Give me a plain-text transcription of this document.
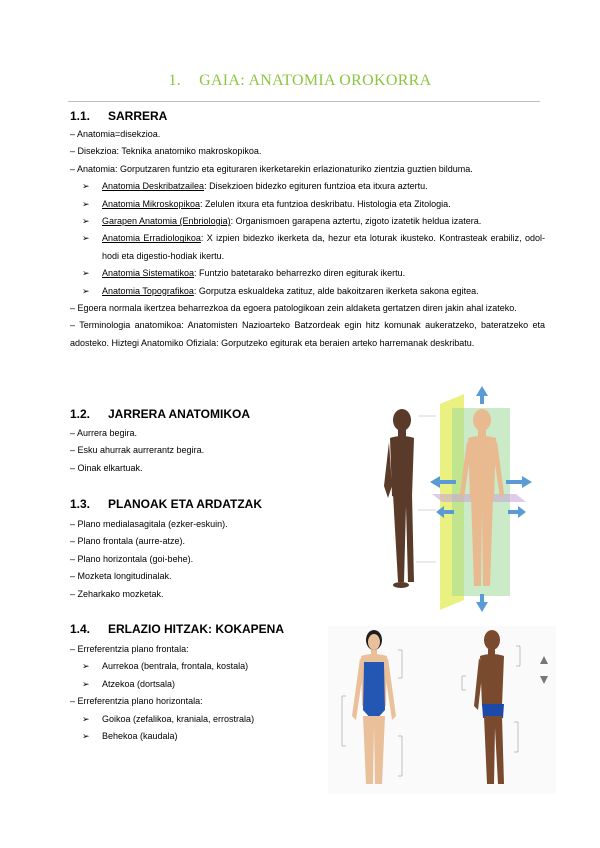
1. GAIA: ANATOMIA OROKORRA
1.1. SARRERA
– Anatomia=disekzioa.
– Disekzioa: Teknika anatomiko makroskopikoa.
– Anatomia: Gorputzaren funtzio eta egituraren ikerketarekin erlazionaturiko zientzia guztien bilduma.
➢ Anatomia Deskribatzailea: Disekzioen bidezko egituren funtzioa eta itxura aztertu.
➢ Anatomia Mikroskopikoa: Zelulen itxura eta funtzioa deskribatu. Histologia eta Zitologia.
➢ Garapen Anatomia (Enbriologia): Organismoen garapena aztertu, zigoto izatetik heldua izatera.
➢ Anatomia Erradiologikoa: X izpien bidezko ikerketa da, hezur eta loturak ikusteko. Kontrasteak erabiliz, odol-hodi eta digestio-hodiak ikertu.
➢ Anatomia Sistematikoa: Funtzio batetarako beharrezko diren egiturak ikertu.
➢ Anatomia Topografikoa: Gorputza eskualdeka zatituz, alde bakoitzaren ikerketa sakona egitea.
– Egoera normala ikertzea beharrezkoa da egoera patologikoan zein aldaketa gertatzen diren jakin ahal izateko.
– Terminologia anatomikoa: Anatomisten Nazioarteko Batzordeak egin hitz komunak aukeratzeko, bateratzeko eta adosteko. Hiztegi Anatomiko Ofiziala: Gorputzeko egiturak eta beraien arteko harremanak deskribatu.
1.2. JARRERA ANATOMIKOA
– Aurrera begira.
– Esku ahurrak aurrerantz begira.
– Oinak elkartuak.
1.3. PLANOAK ETA ARDATZAK
– Plano medialasagitala (ezker-eskuin).
– Plano frontala (aurre-atze).
– Plano horizontala (goi-behe).
– Mozketa longitudinalak.
– Zeharkako mozketak.
1.4. ERLAZIO HITZAK: KOKAPENA
– Erreferentzia plano frontala:
➢ Aurrekoa (bentrala, frontala, kostala)
➢ Atzekoa (dortsala)
– Erreferentzia plano horizontala:
➢ Goikoa (zefalikoa, kraniala, errostrala)
➢ Behekoa (kaudala)
